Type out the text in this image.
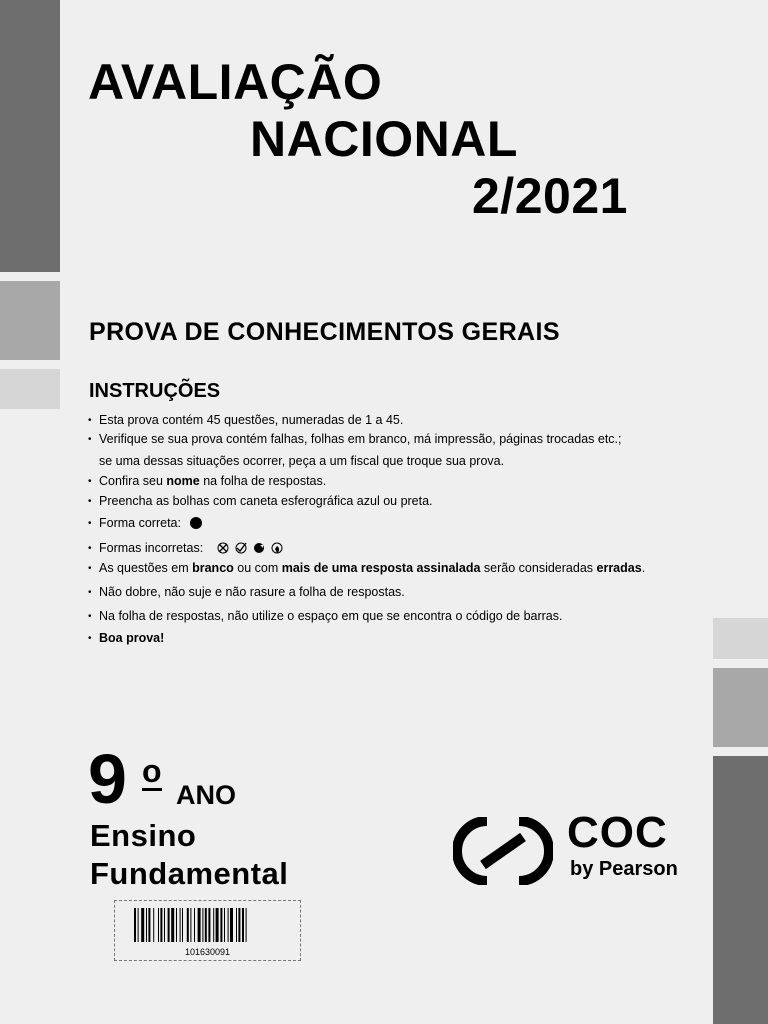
AVALIAÇÃO
NACIONAL
2/2021
PROVA DE CONHECIMENTOS GERAIS
INSTRUÇÕES
• Esta prova contém 45 questões, numeradas de 1 a 45.
• Verifique se sua prova contém falhas, folhas em branco, má impressão, páginas trocadas etc.;
se uma dessas situações ocorrer, peça a um fiscal que troque sua prova.
• Confira seu nome na folha de respostas.
• Preencha as bolhas com caneta esferográfica azul ou preta.
• Forma correta:
• Formas incorretas:
• As questões em branco ou com mais de uma resposta assinalada serão consideradas erradas .
• Não dobre, não suje e não rasure a folha de respostas.
• Na folha de respostas, não utilize o espaço em que se encontra o código de barras.
• Boa prova!
9 o
ANO
Ensino
Fundamental
101630091
COC
by Pearson
